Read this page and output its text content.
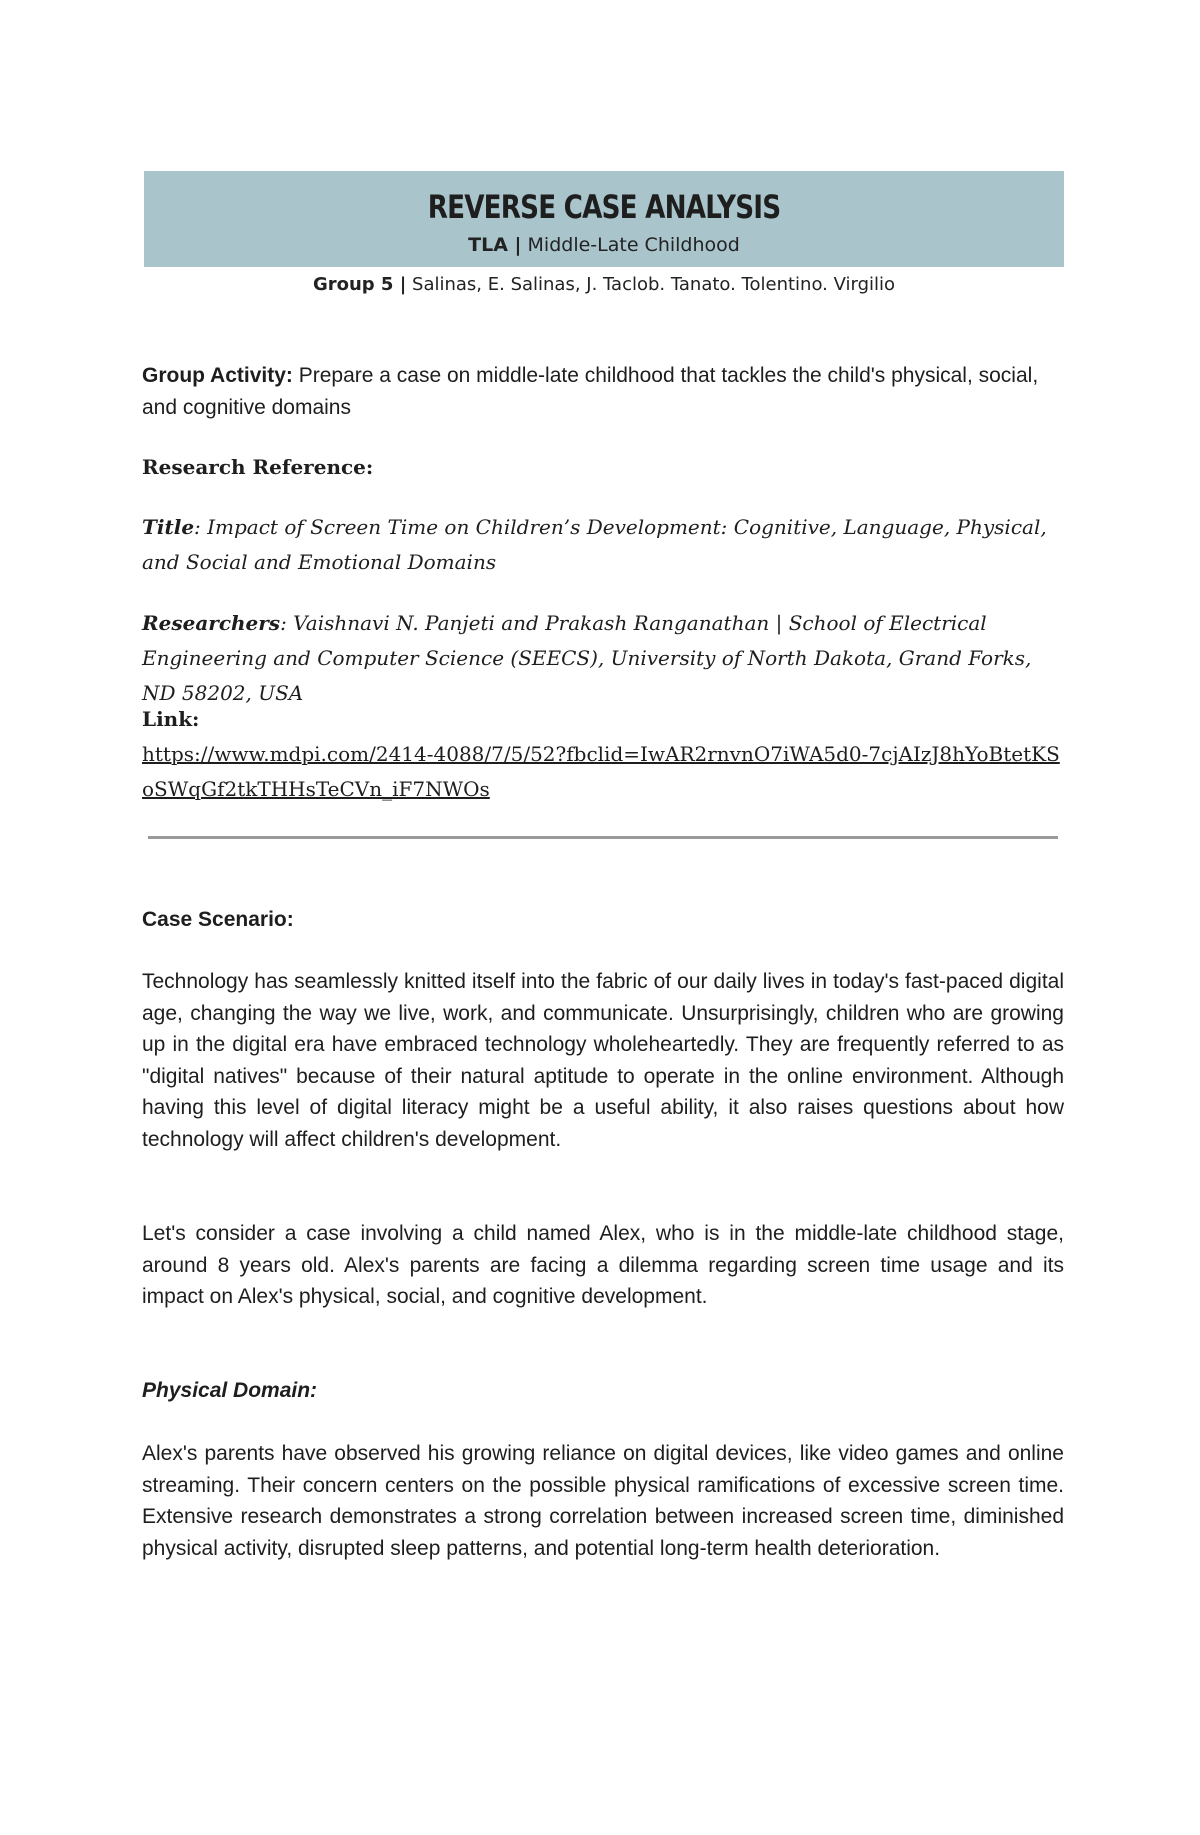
REVERSE CASE ANALYSIS
TLA | Middle-Late Childhood
Group 5 | Salinas, E. Salinas, J. Taclob. Tanato. Tolentino. Virgilio
Group Activity: Prepare a case on middle-late childhood that tackles the child's physical, social, and cognitive domains
Research Reference:
Title: Impact of Screen Time on Children’s Development: Cognitive, Language, Physical, and Social and Emotional Domains
Researchers: Vaishnavi N. Panjeti and Prakash Ranganathan | School of Electrical Engineering and Computer Science (SEECS), University of North Dakota, Grand Forks, ND 58202, USA
Link:
https://www.mdpi.com/2414-4088/7/5/52?fbclid=IwAR2rnvnO7iWA5d0-7cjAIzJ8hYoBtetKSoSWqGf2tkTHHsTeCVn_iF7NWOs
Case Scenario:
Technology has seamlessly knitted itself into the fabric of our daily lives in today's fast-paced digital age, changing the way we live, work, and communicate. Unsurprisingly, children who are growing up in the digital era have embraced technology wholeheartedly. They are frequently referred to as "digital natives" because of their natural aptitude to operate in the online environment. Although having this level of digital literacy might be a useful ability, it also raises questions about how technology will affect children's development.
Let's consider a case involving a child named Alex, who is in the middle-late childhood stage, around 8 years old. Alex's parents are facing a dilemma regarding screen time usage and its impact on Alex's physical, social, and cognitive development.
Physical Domain:
Alex's parents have observed his growing reliance on digital devices, like video games and online streaming. Their concern centers on the possible physical ramifications of excessive screen time. Extensive research demonstrates a strong correlation between increased screen time, diminished physical activity, disrupted sleep patterns, and potential long-term health deterioration.
